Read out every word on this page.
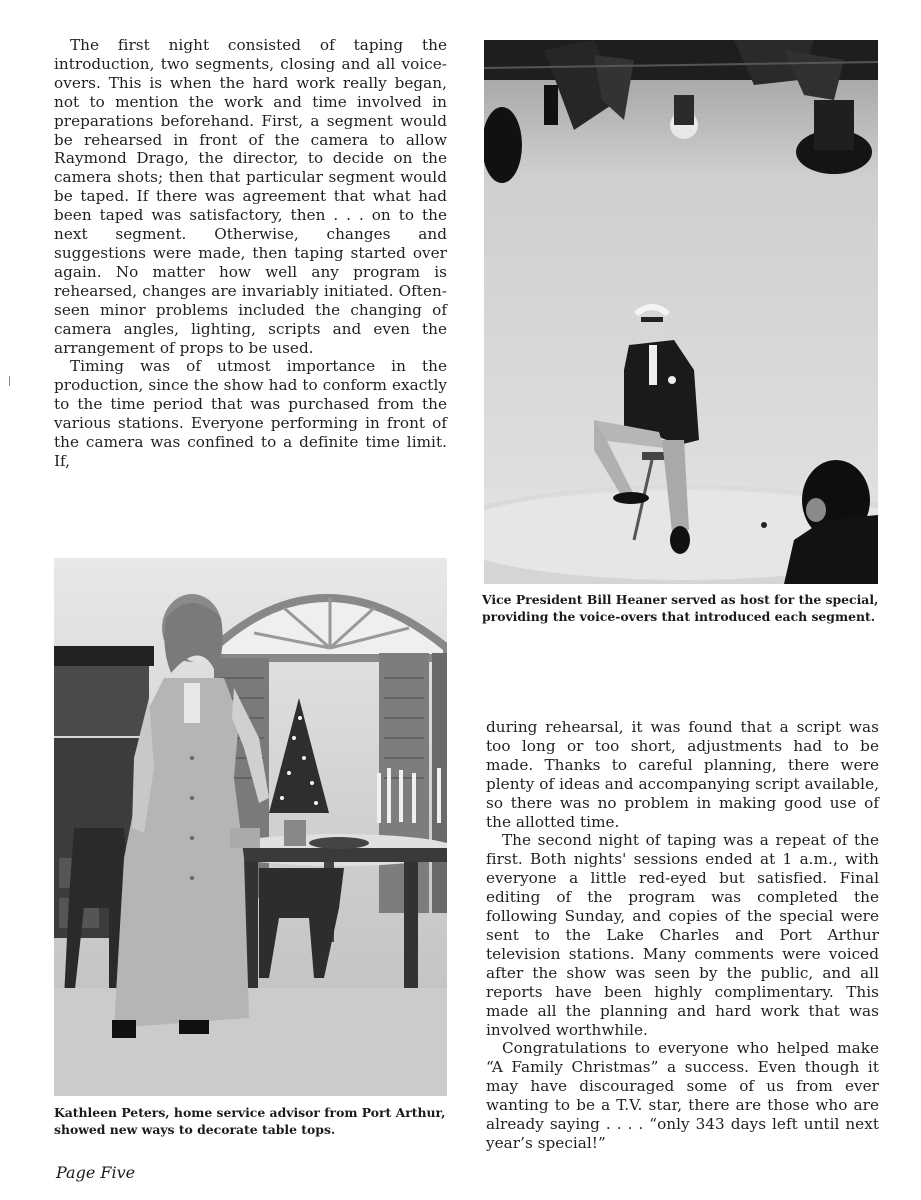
The first night consisted of taping the introduction, two segments, closing and all voice-overs. This is when the hard work really began, not to mention the work and time involved in preparations beforehand. First, a segment would be rehearsed in front of the camera to allow Raymond Drago, the director, to decide on the camera shots; then that particular segment would be taped. If there was agreement that what had been taped was satisfactory, then . . . on to the next segment. Otherwise, changes and suggestions were made, then taping started over again. No matter how well any program is rehearsed, changes are invariably initiated. Often-seen minor problems included the changing of camera angles, lighting, scripts and even the arrangement of props to be used.

Timing was of utmost importance in the production, since the show had to conform exactly to the time period that was purchased from the various stations. Everyone performing in front of the camera was confined to a definite time limit. If,

Vice President Bill Heaner served as host for the special, providing the voice-overs that introduced each segment.
Kathleen Peters, home service advisor from Port Arthur, showed new ways to decorate table tops.

during rehearsal, it was found that a script was too long or too short, adjustments had to be made. Thanks to careful planning, there were plenty of ideas and accompanying script available, so there was no problem in making good use of the allotted time.

The second night of taping was a repeat of the first. Both nights' sessions ended at 1 a.m., with everyone a little red-eyed but satisfied. Final editing of the program was completed the following Sunday, and copies of the special were sent to the Lake Charles and Port Arthur television stations. Many comments were voiced after the show was seen by the public, and all reports have been highly complimentary. This made all the planning and hard work that was involved worthwhile.

Congratulations to everyone who helped make “A Family Christmas” a success. Even though it may have discouraged some of us from ever wanting to be a T.V. star, there are those who are already saying . . . . “only 343 days left until next year’s special!”

Page Five
